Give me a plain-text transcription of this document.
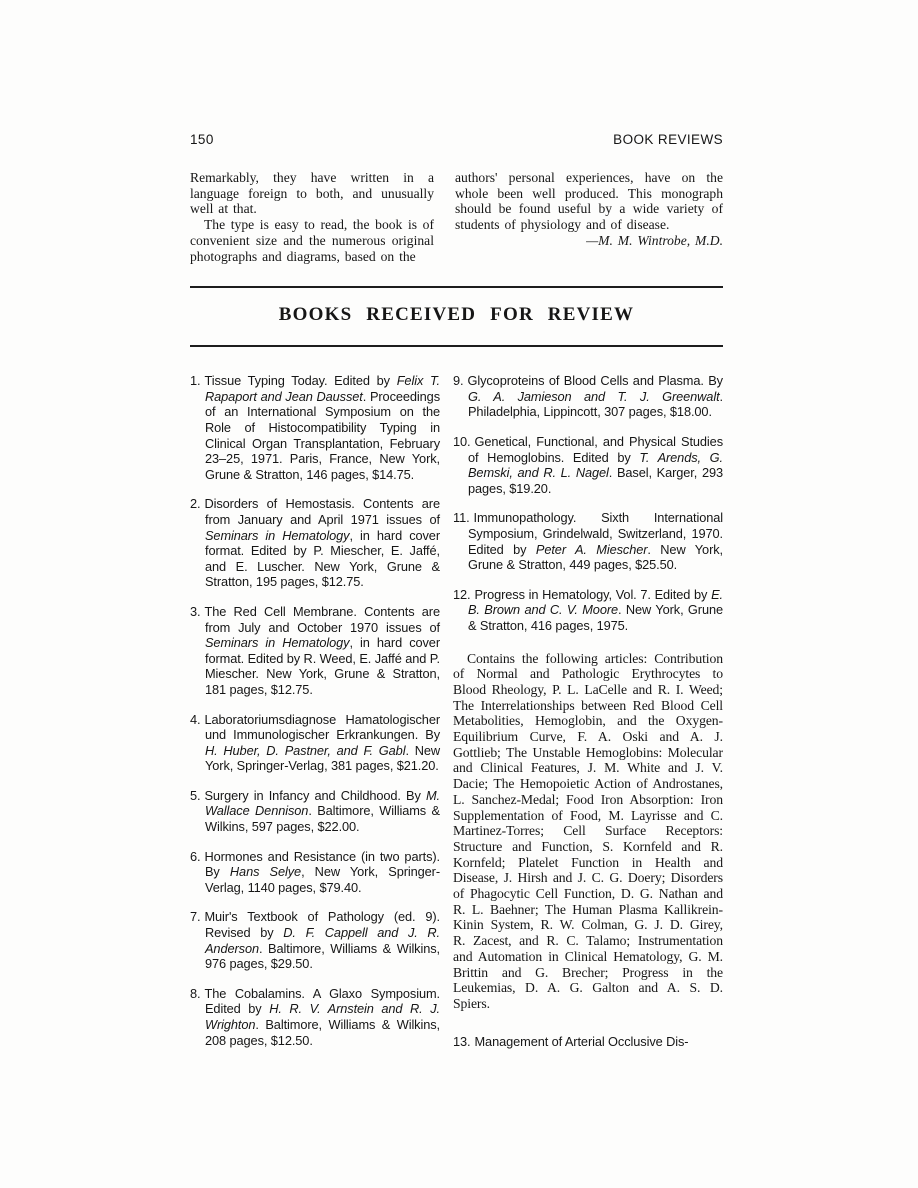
150	BOOK REVIEWS

Remarkably, they have written in a language foreign to both, and unusually well at that.

The type is easy to read, the book is of convenient size and the numerous original photographs and diagrams, based on the

authors' personal experiences, have on the whole been well produced. This monograph should be found useful by a wide variety of students of physiology and of disease.

—M. M. Wintrobe, M.D.

BOOKS RECEIVED FOR REVIEW
1. Tissue Typing Today. Edited by Felix T. Rapaport and Jean Dausset. Proceedings of an International Symposium on the Role of Histocompatibility Typing in Clinical Organ Transplantation, February 23–25, 1971. Paris, France, New York, Grune & Stratton, 146 pages, $14.75.
2. Disorders of Hemostasis. Contents are from January and April 1971 issues of Seminars in Hematology, in hard cover format. Edited by P. Miescher, E. Jaffé, and E. Luscher. New York, Grune & Stratton, 195 pages, $12.75.
3. The Red Cell Membrane. Contents are from July and October 1970 issues of Seminars in Hematology, in hard cover format. Edited by R. Weed, E. Jaffé and P. Miescher. New York, Grune & Stratton, 181 pages, $12.75.
4. Laboratoriumsdiagnose Hamatologischer und Immunologischer Erkrankungen. By H. Huber, D. Pastner, and F. Gabl. New York, Springer-Verlag, 381 pages, $21.20.
5. Surgery in Infancy and Childhood. By M. Wallace Dennison. Baltimore, Williams & Wilkins, 597 pages, $22.00.
6. Hormones and Resistance (in two parts). By Hans Selye, New York, Springer-Verlag, 1140 pages, $79.40.
7. Muir's Textbook of Pathology (ed. 9). Revised by D. F. Cappell and J. R. Anderson. Baltimore, Williams & Wilkins, 976 pages, $29.50.
8. The Cobalamins. A Glaxo Symposium. Edited by H. R. V. Arnstein and R. J. Wrighton. Baltimore, Williams & Wilkins, 208 pages, $12.50.
9. Glycoproteins of Blood Cells and Plasma. By G. A. Jamieson and T. J. Greenwalt. Philadelphia, Lippincott, 307 pages, $18.00.
10. Genetical, Functional, and Physical Studies of Hemoglobins. Edited by T. Arends, G. Bemski, and R. L. Nagel. Basel, Karger, 293 pages, $19.20.
11. Immunopathology. Sixth International Symposium, Grindelwald, Switzerland, 1970. Edited by Peter A. Miescher. New York, Grune & Stratton, 449 pages, $25.50.
12. Progress in Hematology, Vol. 7. Edited by E. B. Brown and C. V. Moore. New York, Grune & Stratton, 416 pages, 1975.

Contains the following articles: Contribution of Normal and Pathologic Erythrocytes to Blood Rheology, P. L. LaCelle and R. I. Weed; The Interrelationships between Red Blood Cell Metabolities, Hemoglobin, and the Oxygen-Equilibrium Curve, F. A. Oski and A. J. Gottlieb; The Unstable Hemoglobins: Molecular and Clinical Features, J. M. White and J. V. Dacie; The Hemopoietic Action of Androstanes, L. Sanchez-Medal; Food Iron Absorption: Iron Supplementation of Food, M. Layrisse and C. Martinez-Torres; Cell Surface Receptors: Structure and Function, S. Kornfeld and R. Kornfeld; Platelet Function in Health and Disease, J. Hirsh and J. C. G. Doery; Disorders of Phagocytic Cell Function, D. G. Nathan and R. L. Baehner; The Human Plasma Kallikrein-Kinin System, R. W. Colman, G. J. D. Girey, R. Zacest, and R. C. Talamo; Instrumentation and Automation in Clinical Hematology, G. M. Brittin and G. Brecher; Progress in the Leukemias, D. A. G. Galton and A. S. D. Spiers.

13. Management of Arterial Occlusive Dis-
